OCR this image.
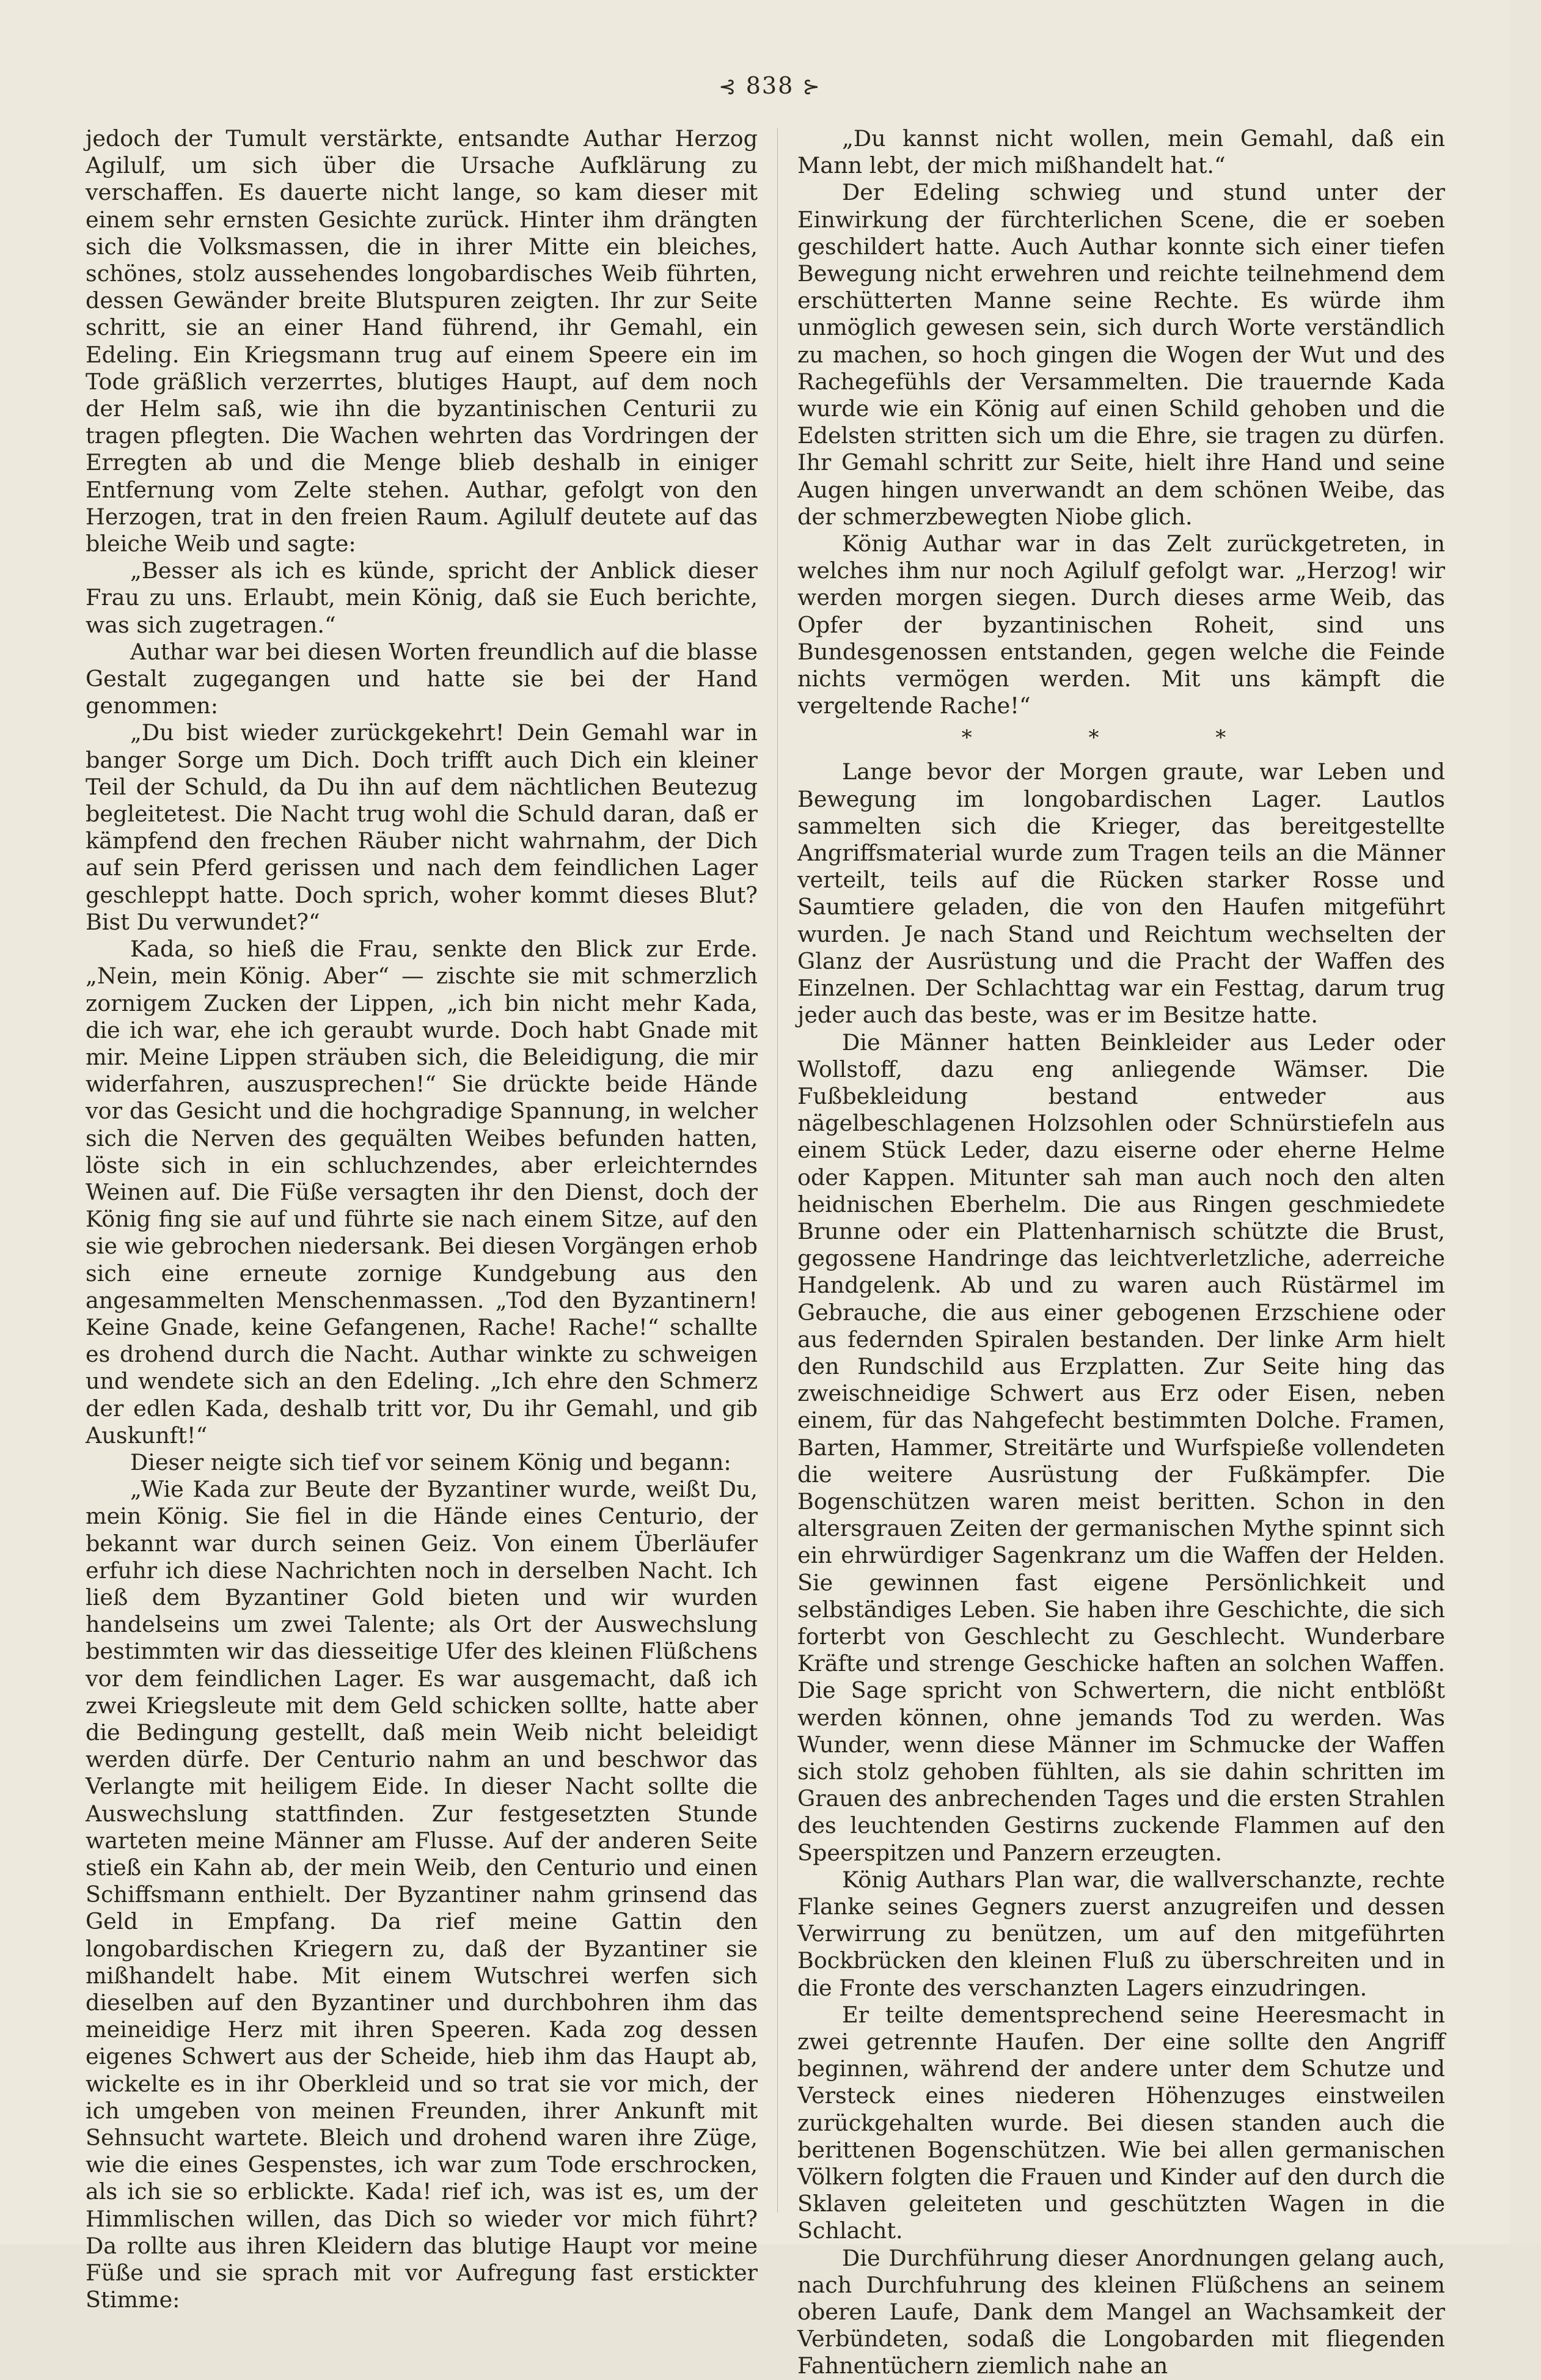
⊰ 838 ⊱

jedoch der Tumult verstärkte, entsandte Authar Herzog Agilulf, um sich über die Ursache Aufklärung zu verschaffen. Es dauerte nicht lange, so kam dieser mit einem sehr ernsten Gesichte zurück. Hinter ihm drängten sich die Volksmassen, die in ihrer Mitte ein bleiches, schönes, stolz aussehendes longobardisches Weib führten, dessen Gewänder breite Blutspuren zeigten. Ihr zur Seite schritt, sie an einer Hand führend, ihr Gemahl, ein Edeling. Ein Kriegsmann trug auf einem Speere ein im Tode gräßlich verzerrtes, blutiges Haupt, auf dem noch der Helm saß, wie ihn die byzantinischen Centurii zu tragen pflegten. Die Wachen wehrten das Vordringen der Erregten ab und die Menge blieb deshalb in einiger Entfernung vom Zelte stehen. Authar, gefolgt von den Herzogen, trat in den freien Raum. Agilulf deutete auf das bleiche Weib und sagte:

„Besser als ich es künde, spricht der Anblick dieser Frau zu uns. Erlaubt, mein König, daß sie Euch berichte, was sich zugetragen.“

Authar war bei diesen Worten freundlich auf die blasse Gestalt zugegangen und hatte sie bei der Hand genommen:

„Du bist wieder zurückgekehrt! Dein Gemahl war in banger Sorge um Dich. Doch trifft auch Dich ein kleiner Teil der Schuld, da Du ihn auf dem nächtlichen Beutezug begleitetest. Die Nacht trug wohl die Schuld daran, daß er kämpfend den frechen Räuber nicht wahrnahm, der Dich auf sein Pferd gerissen und nach dem feindlichen Lager geschleppt hatte. Doch sprich, woher kommt dieses Blut? Bist Du verwundet?“

Kada, so hieß die Frau, senkte den Blick zur Erde. „Nein, mein König. Aber“ — zischte sie mit schmerzlich zornigem Zucken der Lippen, „ich bin nicht mehr Kada, die ich war, ehe ich geraubt wurde. Doch habt Gnade mit mir. Meine Lippen sträuben sich, die Beleidigung, die mir widerfahren, auszusprechen!“ Sie drückte beide Hände vor das Gesicht und die hochgradige Spannung, in welcher sich die Nerven des gequälten Weibes befunden hatten, löste sich in ein schluchzendes, aber erleichterndes Weinen auf. Die Füße versagten ihr den Dienst, doch der König fing sie auf und führte sie nach einem Sitze, auf den sie wie gebrochen niedersank. Bei diesen Vorgängen erhob sich eine erneute zornige Kundgebung aus den angesammelten Menschenmassen. „Tod den Byzantinern! Keine Gnade, keine Gefangenen, Rache! Rache!“ schallte es drohend durch die Nacht. Authar winkte zu schweigen und wendete sich an den Edeling. „Ich ehre den Schmerz der edlen Kada, deshalb tritt vor, Du ihr Gemahl, und gib Auskunft!“

Dieser neigte sich tief vor seinem König und begann:

„Wie Kada zur Beute der Byzantiner wurde, weißt Du, mein König. Sie fiel in die Hände eines Centurio, der bekannt war durch seinen Geiz. Von einem Überläufer erfuhr ich diese Nachrichten noch in derselben Nacht. Ich ließ dem Byzantiner Gold bieten und wir wurden handelseins um zwei Talente; als Ort der Auswechslung bestimmten wir das diesseitige Ufer des kleinen Flüßchens vor dem feindlichen Lager. Es war ausgemacht, daß ich zwei Kriegsleute mit dem Geld schicken sollte, hatte aber die Bedingung gestellt, daß mein Weib nicht beleidigt werden dürfe. Der Centurio nahm an und beschwor das Verlangte mit heiligem Eide. In dieser Nacht sollte die Auswechslung stattfinden. Zur festgesetzten Stunde warteten meine Männer am Flusse. Auf der anderen Seite stieß ein Kahn ab, der mein Weib, den Centurio und einen Schiffsmann enthielt. Der Byzantiner nahm grinsend das Geld in Empfang. Da rief meine Gattin den longobardischen Kriegern zu, daß der Byzantiner sie mißhandelt habe. Mit einem Wutschrei werfen sich dieselben auf den Byzantiner und durchbohren ihm das meineidige Herz mit ihren Speeren. Kada zog dessen eigenes Schwert aus der Scheide, hieb ihm das Haupt ab, wickelte es in ihr Oberkleid und so trat sie vor mich, der ich umgeben von meinen Freunden, ihrer Ankunft mit Sehnsucht wartete. Bleich und drohend waren ihre Züge, wie die eines Gespenstes, ich war zum Tode erschrocken, als ich sie so erblickte. Kada! rief ich, was ist es, um der Himmlischen willen, das Dich so wieder vor mich führt? Da rollte aus ihren Kleidern das blutige Haupt vor meine Füße und sie sprach mit vor Aufregung fast erstickter Stimme:

„Du kannst nicht wollen, mein Gemahl, daß ein Mann lebt, der mich mißhandelt hat.“

Der Edeling schwieg und stund unter der Einwirkung der fürchterlichen Scene, die er soeben geschildert hatte. Auch Authar konnte sich einer tiefen Bewegung nicht erwehren und reichte teilnehmend dem erschütterten Manne seine Rechte. Es würde ihm unmöglich gewesen sein, sich durch Worte verständlich zu machen, so hoch gingen die Wogen der Wut und des Rachegefühls der Versammelten. Die trauernde Kada wurde wie ein König auf einen Schild gehoben und die Edelsten stritten sich um die Ehre, sie tragen zu dürfen. Ihr Gemahl schritt zur Seite, hielt ihre Hand und seine Augen hingen unverwandt an dem schönen Weibe, das der schmerzbewegten Niobe glich.

König Authar war in das Zelt zurückgetreten, in welches ihm nur noch Agilulf gefolgt war. „Herzog! wir werden morgen siegen. Durch dieses arme Weib, das Opfer der byzantinischen Roheit, sind uns Bundesgenossen entstanden, gegen welche die Feinde nichts vermögen werden. Mit uns kämpft die vergeltende Rache!“

* * *

Lange bevor der Morgen graute, war Leben und Bewegung im longobardischen Lager. Lautlos sammelten sich die Krieger, das bereitgestellte Angriffsmaterial wurde zum Tragen teils an die Männer verteilt, teils auf die Rücken starker Rosse und Saumtiere geladen, die von den Haufen mitgeführt wurden. Je nach Stand und Reichtum wechselten der Glanz der Ausrüstung und die Pracht der Waffen des Einzelnen. Der Schlachttag war ein Festtag, darum trug jeder auch das beste, was er im Besitze hatte.

Die Männer hatten Beinkleider aus Leder oder Wollstoff, dazu eng anliegende Wämser. Die Fußbekleidung bestand entweder aus nägelbeschlagenen Holzsohlen oder Schnürstiefeln aus einem Stück Leder, dazu eiserne oder eherne Helme oder Kappen. Mitunter sah man auch noch den alten heidnischen Eberhelm. Die aus Ringen geschmiedete Brunne oder ein Plattenharnisch schützte die Brust, gegossene Handringe das leichtverletzliche, aderreiche Handgelenk. Ab und zu waren auch Rüstärmel im Gebrauche, die aus einer gebogenen Erzschiene oder aus federnden Spiralen bestanden. Der linke Arm hielt den Rundschild aus Erzplatten. Zur Seite hing das zweischneidige Schwert aus Erz oder Eisen, neben einem, für das Nahgefecht bestimmten Dolche. Framen, Barten, Hammer, Streitärte und Wurfspieße vollendeten die weitere Ausrüstung der Fußkämpfer. Die Bogenschützen waren meist beritten. Schon in den altersgrauen Zeiten der germanischen Mythe spinnt sich ein ehrwürdiger Sagenkranz um die Waffen der Helden. Sie gewinnen fast eigene Persönlichkeit und selbständiges Leben. Sie haben ihre Geschichte, die sich forterbt von Geschlecht zu Geschlecht. Wunderbare Kräfte und strenge Geschicke haften an solchen Waffen. Die Sage spricht von Schwertern, die nicht entblößt werden können, ohne jemands Tod zu werden. Was Wunder, wenn diese Männer im Schmucke der Waffen sich stolz gehoben fühlten, als sie dahin schritten im Grauen des anbrechenden Tages und die ersten Strahlen des leuchtenden Gestirns zuckende Flammen auf den Speerspitzen und Panzern erzeugten.

König Authars Plan war, die wallverschanzte, rechte Flanke seines Gegners zuerst anzugreifen und dessen Verwirrung zu benützen, um auf den mitgeführten Bockbrücken den kleinen Fluß zu überschreiten und in die Fronte des verschanzten Lagers einzudringen.

Er teilte dementsprechend seine Heeresmacht in zwei getrennte Haufen. Der eine sollte den Angriff beginnen, während der andere unter dem Schutze und Versteck eines niederen Höhenzuges einstweilen zurückgehalten wurde. Bei diesen standen auch die berittenen Bogenschützen. Wie bei allen germanischen Völkern folgten die Frauen und Kinder auf den durch die Sklaven geleiteten und geschützten Wagen in die Schlacht.

Die Durchführung dieser Anordnungen gelang auch, nach Durchfuhrung des kleinen Flüßchens an seinem oberen Laufe, Dank dem Mangel an Wachsamkeit der Verbündeten, sodaß die Longobarden mit fliegenden Fahnentüchern ziemlich nahe an
